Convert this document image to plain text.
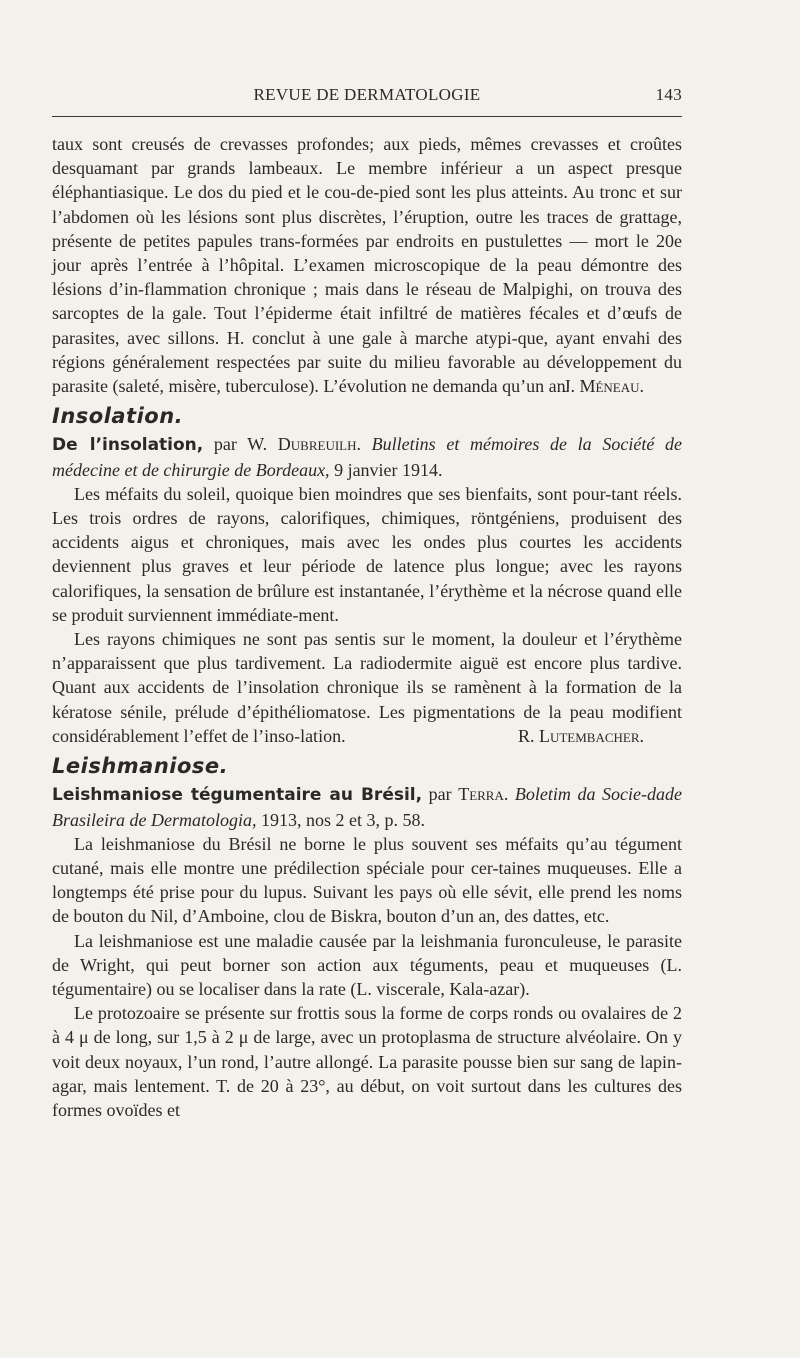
REVUE DE DERMATOLOGIE	143

taux sont creusés de crevasses profondes; aux pieds, mêmes crevasses et croûtes desquamant par grands lambeaux. Le membre inférieur a un aspect presque éléphantiasique. Le dos du pied et le cou-de-pied sont les plus atteints. Au tronc et sur l’abdomen où les lésions sont plus discrètes, l’éruption, outre les traces de grattage, présente de petites papules trans-formées par endroits en pustulettes — mort le 20e jour après l’entrée à l’hôpital. L’examen microscopique de la peau démontre des lésions d’in-flammation chronique ; mais dans le réseau de Malpighi, on trouva des sarcoptes de la gale. Tout l’épiderme était infiltré de matières fécales et d’œufs de parasites, avec sillons. H. conclut à une gale à marche atypi-que, ayant envahi des régions généralement respectées par suite du milieu favorable au développement du parasite (saleté, misère, tuberculose). L’évolution ne demanda qu’un an.

J. Méneau.
Insolation.

De l’insolation, par W. Dubreuilh. Bulletins et mémoires de la Société de médecine et de chirurgie de Bordeaux, 9 janvier 1914.

Les méfaits du soleil, quoique bien moindres que ses bienfaits, sont pour-tant réels. Les trois ordres de rayons, calorifiques, chimiques, röntgéniens, produisent des accidents aigus et chroniques, mais avec les ondes plus courtes les accidents deviennent plus graves et leur période de latence plus longue; avec les rayons calorifiques, la sensation de brûlure est instantanée, l’érythème et la nécrose quand elle se produit surviennent immédiate-ment.

Les rayons chimiques ne sont pas sentis sur le moment, la douleur et l’érythème n’apparaissent que plus tardivement. La radiodermite aiguë est encore plus tardive. Quant aux accidents de l’insolation chronique ils se ramènent à la formation de la kératose sénile, prélude d’épithéliomatose. Les pigmentations de la peau modifient considérablement l’effet de l’inso-lation.	R. Lutembacher.
Leishmaniose.

Leishmaniose tégumentaire au Brésil, par Terra. Boletim da Socie-dade Brasileira de Dermatologia, 1913, nos 2 et 3, p. 58.

La leishmaniose du Brésil ne borne le plus souvent ses méfaits qu’au tégument cutané, mais elle montre une prédilection spéciale pour cer-taines muqueuses. Elle a longtemps été prise pour du lupus. Suivant les pays où elle sévit, elle prend les noms de bouton du Nil, d’Amboine, clou de Biskra, bouton d’un an, des dattes, etc.

La leishmaniose est une maladie causée par la leishmania furonculeuse, le parasite de Wright, qui peut borner son action aux téguments, peau et muqueuses (L. tégumentaire) ou se localiser dans la rate (L. viscerale, Kala-azar).

Le protozoaire se présente sur frottis sous la forme de corps ronds ou ovalaires de 2 à 4 μ de long, sur 1,5 à 2 μ de large, avec un protoplasma de structure alvéolaire. On y voit deux noyaux, l’un rond, l’autre allongé. La parasite pousse bien sur sang de lapin-agar, mais lentement. T. de 20 à 23°, au début, on voit surtout dans les cultures des formes ovoïdes et
